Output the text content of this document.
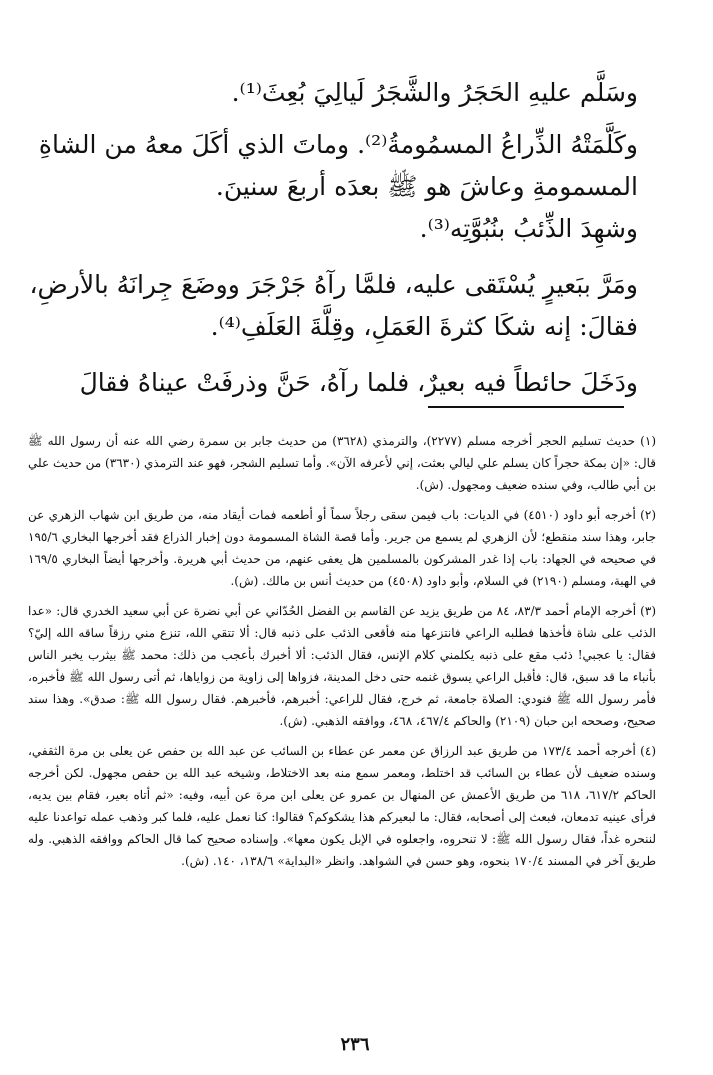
وسَلَّم عليهِ الحَجَرُ والشَّجَرُ لَيالِيَ بُعِثَ⁽¹⁾.

وكَلَّمَتْهُ الذِّراعُ المسمُومةُ⁽²⁾. وماتَ الذي أكَلَ معهُ من الشاةِ

المسمومةِ وعاشَ هو ﷺ بعدَه أربعَ سنينَ.

وشهِدَ الذِّئبُ بنُبُوَّتِه⁽³⁾.

ومَرَّ ببَعيرٍ يُسْتَقى عليه، فلمَّا رآهُ جَرْجَرَ ووضَعَ جِرانَهُ بالأرضِ،

فقالَ: إنه شكَا كثرةَ العَمَلِ، وقِلَّةَ العَلَفِ⁽⁴⁾.

ودَخَلَ حائطاً فيه بعيرٌ، فلما رآهُ، حَنَّ وذرفَتْ عيناهُ فقالَ

(١) حديث تسليم الحجر أخرجه مسلم (٢٢٧٧)، والترمذي (٣٦٢٨) من حديث جابر بن سمرة رضي الله عنه أن رسول الله ﷺ قال: «إن بمكة حجراً كان يسلم علي ليالي بعثت، إني لأعرفه الآن». وأما تسليم الشجر، فهو عند الترمذي (٣٦٣٠) من حديث علي بن أبي طالب، وفي سنده ضعيف ومجهول. (ش).

(٢) أخرجه أبو داود (٤٥١٠) في الديات: باب فيمن سقى رجلاً سماً أو أطعمه فمات أيقاد منه، من طريق ابن شهاب الزهري عن جابر، وهذا سند منقطع؛ لأن الزهري لم يسمع من جرير. وأما قصة الشاة المسمومة دون إخبار الذراع فقد أخرجها البخاري ١٩٥/٦ في صحيحه في الجهاد: باب إذا غدر المشركون بالمسلمين هل يعفى عنهم، من حديث أبي هريرة. وأخرجها أيضاً البخاري ١٦٩/٥ في الهبة، ومسلم (٢١٩٠) في السلام، وأبو داود (٤٥٠٨) من حديث أنس بن مالك. (ش).

(٣) أخرجه الإمام أحمد ٨٣/٣، ٨٤ من طريق يزيد عن القاسم بن الفضل الحُدّاني عن أبي نضرة عن أبي سعيد الخدري قال: «عدا الذئب على شاة فأخذها فطلبه الراعي فانتزعها منه فأقعى الذئب على ذنبه قال: ألا تتقي الله، تنزع مني رزقاً ساقه الله إليّ؟ فقال: يا عجبي! ذئب مقع على ذنبه يكلمني كلام الإنس، فقال الذئب: ألا أخبرك بأعجب من ذلك: محمد ﷺ بيثرب يخبر الناس بأنباء ما قد سبق، قال: فأقبل الراعي يسوق غنمه حتى دخل المدينة، فزواها إلى زاوية من زواياها، ثم أتى رسول الله ﷺ فأخبره، فأمر رسول الله ﷺ فنودي: الصلاة جامعة، ثم خرج، فقال للراعي: أخبرهم، فأخبرهم. فقال رسول الله ﷺ: صدق». وهذا سند صحيح، وصححه ابن حبان (٢١٠٩) والحاكم ٤٦٧/٤، ٤٦٨، ووافقه الذهبي. (ش).

(٤) أخرجه أحمد ١٧٣/٤ من طريق عبد الرزاق عن معمر عن عطاء بن السائب عن عبد الله بن حفص عن يعلى بن مرة الثقفي، وسنده ضعيف لأن عطاء بن السائب قد اختلط، ومعمر سمع منه بعد الاختلاط، وشيخه عبد الله بن حفص مجهول. لكن أخرجه الحاكم ٦١٧/٢، ٦١٨ من طريق الأعمش عن المنهال بن عمرو عن يعلى ابن مرة عن أبيه، وفيه: «ثم أتاه بعير، فقام بين يديه، فرأى عينيه تدمعان، فبعث إلى أصحابه، فقال: ما لبعيركم هذا يشكوكم؟ فقالوا: كنا نعمل عليه، فلما كبر وذهب عمله تواعدنا عليه لننحره غداً، فقال رسول الله ﷺ: لا تنحروه، واجعلوه في الإبل يكون معها». وإسناده صحيح كما قال الحاكم ووافقه الذهبي. وله طريق آخر في المسند ١٧٠/٤ بنحوه، وهو حسن في الشواهد. وانظر «البداية» ١٣٨/٦، ١٤٠. (ش).

٢٣٦
